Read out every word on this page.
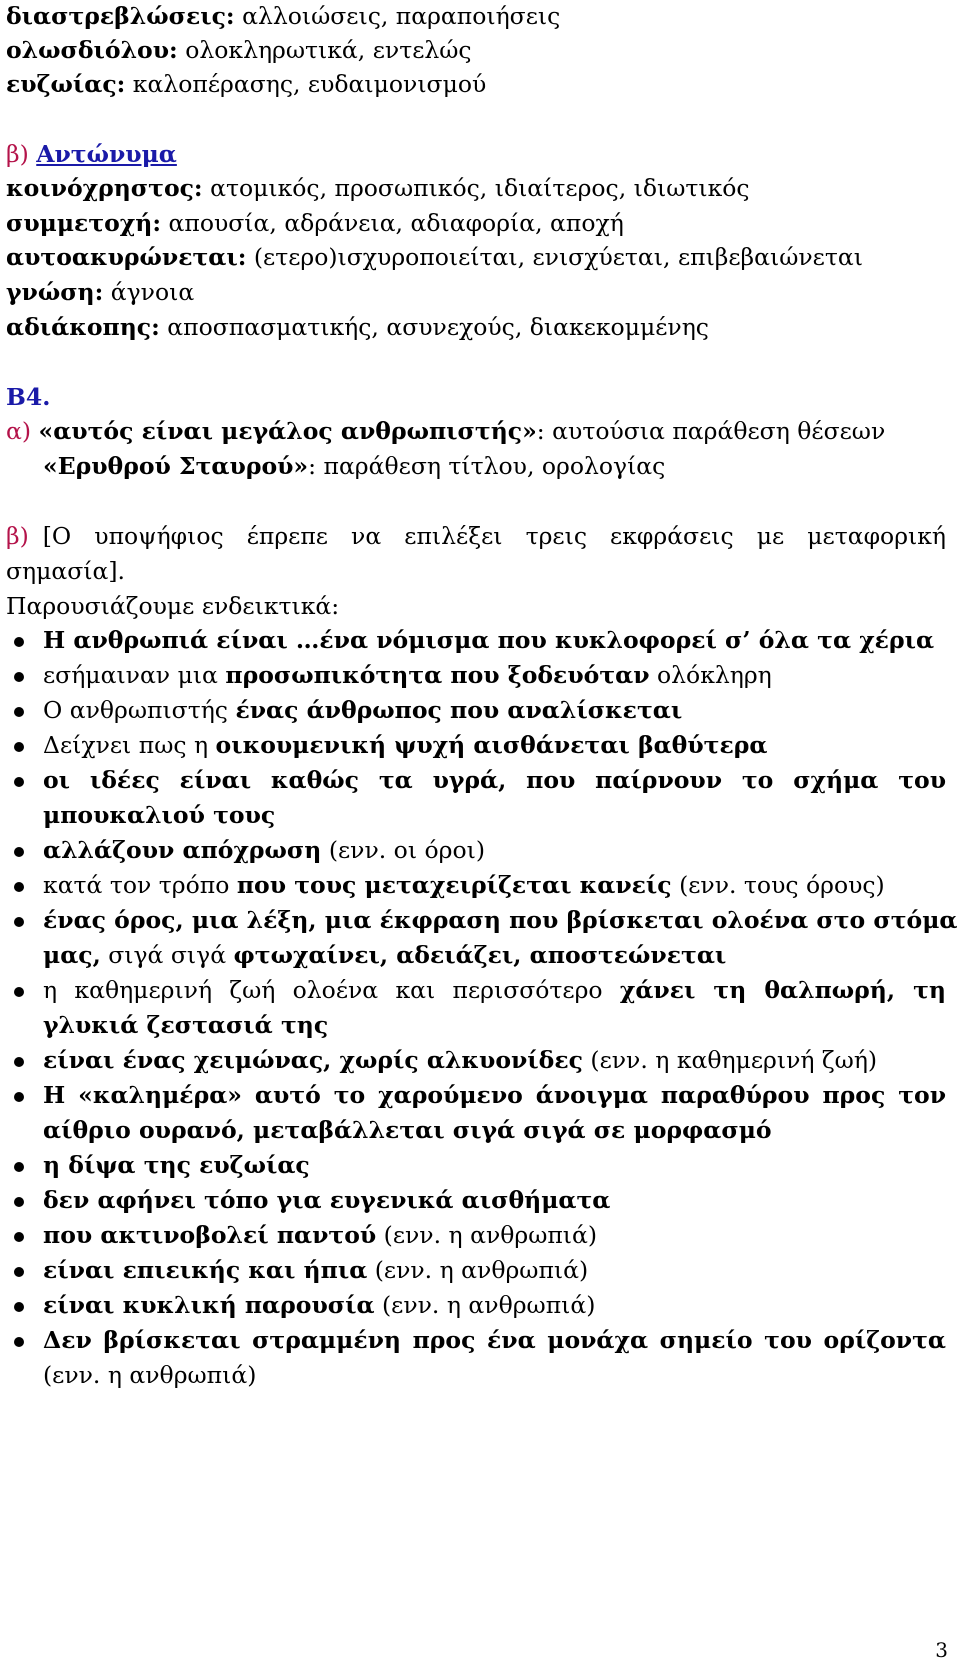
διαστρεβλώσεις: αλλοιώσεις, παραποιήσεις
ολωσδιόλου: ολοκληρωτικά, εντελώς
ευζωίας: καλοπέρασης, ευδαιμονισμού
β) Αντώνυμα
κοινόχρηστος: ατομικός, προσωπικός, ιδιαίτερος, ιδιωτικός
συμμετοχή: απουσία, αδράνεια, αδιαφορία, αποχή
αυτοακυρώνεται: (ετερο)ισχυροποιείται, ενισχύεται, επιβεβαιώνεται
γνώση: άγνοια
αδιάκοπης: αποσπασματικής, ασυνεχούς, διακεκομμένης
Β4.
α) «αυτός είναι μεγάλος ανθρωπιστής»: αυτούσια παράθεση θέσεων
«Ερυθρού Σταυρού»: παράθεση τίτλου, ορολογίας
β) [Ο υποψήφιος έπρεπε να επιλέξει τρεις εκφράσεις με μεταφορική
σημασία].
Παρουσιάζουμε ενδεικτικά:
Η ανθρωπιά είναι …ένα νόμισμα που κυκλοφορεί σ’ όλα τα χέρια
εσήμαιναν μια προσωπικότητα που ξοδευόταν ολόκληρη
Ο ανθρωπιστής ένας άνθρωπος που αναλίσκεται
Δείχνει πως η οικουμενική ψυχή αισθάνεται βαθύτερα
οι ιδέες είναι καθώς τα υγρά, που παίρνουν το σχήμα του
μπουκαλιού τους
αλλάζουν απόχρωση (ενν. οι όροι)
κατά τον τρόπο που τους μεταχειρίζεται κανείς (ενν. τους όρους)
ένας όρος, μια λέξη, μια έκφραση που βρίσκεται ολοένα στο στόμα
μας, σιγά σιγά φτωχαίνει, αδειάζει, αποστεώνεται
η καθημερινή ζωή ολοένα και περισσότερο χάνει τη θαλπωρή, τη
γλυκιά ζεστασιά της
είναι ένας χειμώνας, χωρίς αλκυονίδες (ενν. η καθημερινή ζωή)
Η «καλημέρα» αυτό το χαρούμενο άνοιγμα παραθύρου προς τον
αίθριο ουρανό, μεταβάλλεται σιγά σιγά σε μορφασμό
η δίψα της ευζωίας
δεν αφήνει τόπο για ευγενικά αισθήματα
που ακτινοβολεί παντού (ενν. η ανθρωπιά)
είναι επιεικής και ήπια (ενν. η ανθρωπιά)
είναι κυκλική παρουσία (ενν. η ανθρωπιά)
Δεν βρίσκεται στραμμένη προς ένα μονάχα σημείο του ορίζοντα
(ενν. η ανθρωπιά)
3
